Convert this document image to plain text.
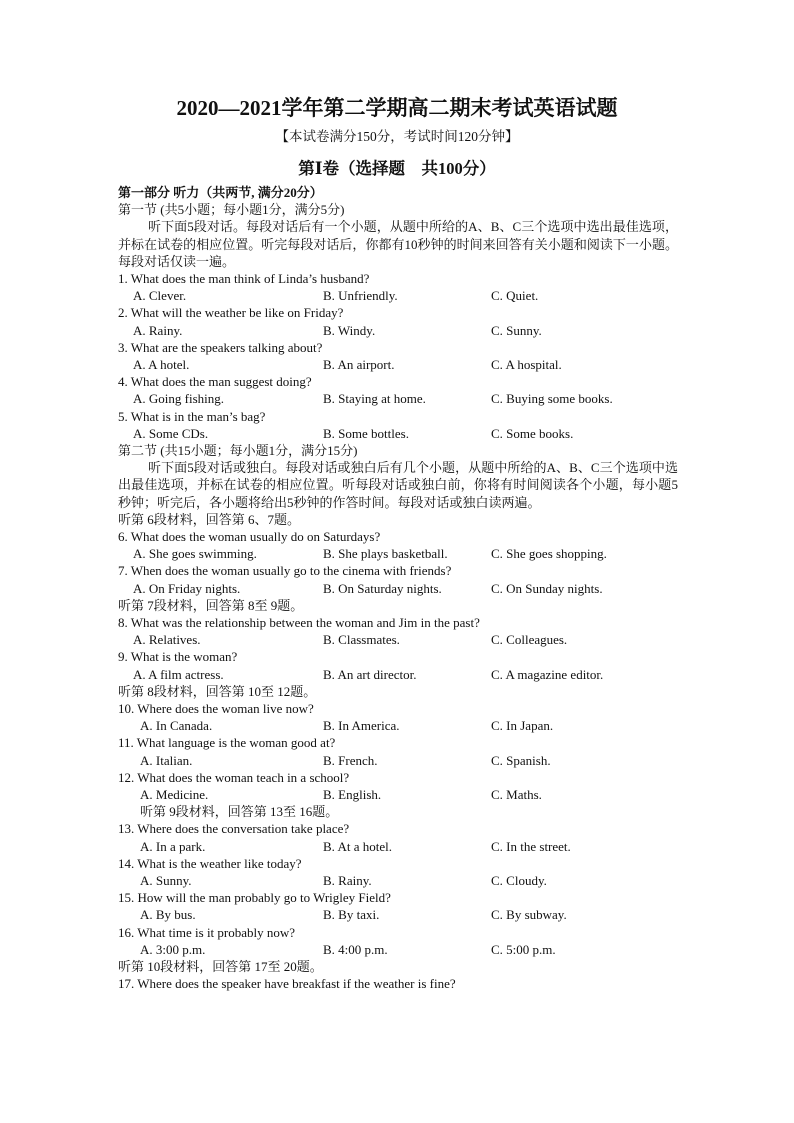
2020—2021学年第二学期高二期末考试英语试题
【本试卷满分150分，考试时间120分钟】
第Ⅰ卷（选择题　共100分）
第一部分 听力（共两节, 满分20分）
第一节 (共5小题；每小题1分，满分5分)
听下面5段对话。每段对话后有一个小题，从题中所给的A、B、C三个选项中选出最佳选项，并标在试卷的相应位置。听完每段对话后，你都有10秒钟的时间来回答有关小题和阅读下一小题。每段对话仅读一遍。
1. What does the man think of Linda’s husband?
A. Clever.	B. Unfriendly.	C. Quiet.
2. What will the weather be like on Friday?
A. Rainy.	B. Windy.	C. Sunny.
3. What are the speakers talking about?
A. A hotel.	B. An airport.	C. A hospital.
4. What does the man suggest doing?
A. Going fishing.	B. Staying at home.	C. Buying some books.
5. What is in the man’s bag?
A. Some CDs.	B. Some bottles.	C. Some books.
第二节 (共15小题；每小题1分，满分15分)
听下面5段对话或独白。每段对话或独白后有几个小题，从题中所给的A、B、C三个选项中选出最佳选项，并标在试卷的相应位置。听每段对话或独白前，你将有时间阅读各个小题，每小题5秒钟；听完后，各小题将给出5秒钟的作答时间。每段对话或独白读两遍。
听第 6段材料，回答第 6、7题。
6. What does the woman usually do on Saturdays?
A. She goes swimming.	B. She plays basketball.	C. She goes shopping.
7. When does the woman usually go to the cinema with friends?
A. On Friday nights.	B. On Saturday nights.	C. On Sunday nights.
听第 7段材料，回答第 8至 9题。
8. What was the relationship between the woman and Jim in the past?
A. Relatives.	B. Classmates.	C. Colleagues.
9. What is the woman?
A. A film actress.	B. An art director.	C. A magazine editor.
听第 8段材料，回答第 10至 12题。
10. Where does the woman live now?
A. In Canada.	B. In America.	C. In Japan.
11. What language is the woman good at?
A. Italian.	B. French.	C. Spanish.
12. What does the woman teach in a school?
A. Medicine.	B. English.	C. Maths.
听第 9段材料，回答第 13至 16题。
13. Where does the conversation take place?
A. In a park.	B. At a hotel.	C. In the street.
14. What is the weather like today?
A. Sunny.	B. Rainy.	C. Cloudy.
15. How will the man probably go to Wrigley Field?
A. By bus.	B. By taxi.	C. By subway.
16. What time is it probably now?
A. 3:00 p.m.	B. 4:00 p.m.	C. 5:00 p.m.
听第 10段材料，回答第 17至 20题。
17. Where does the speaker have breakfast if the weather is fine?
